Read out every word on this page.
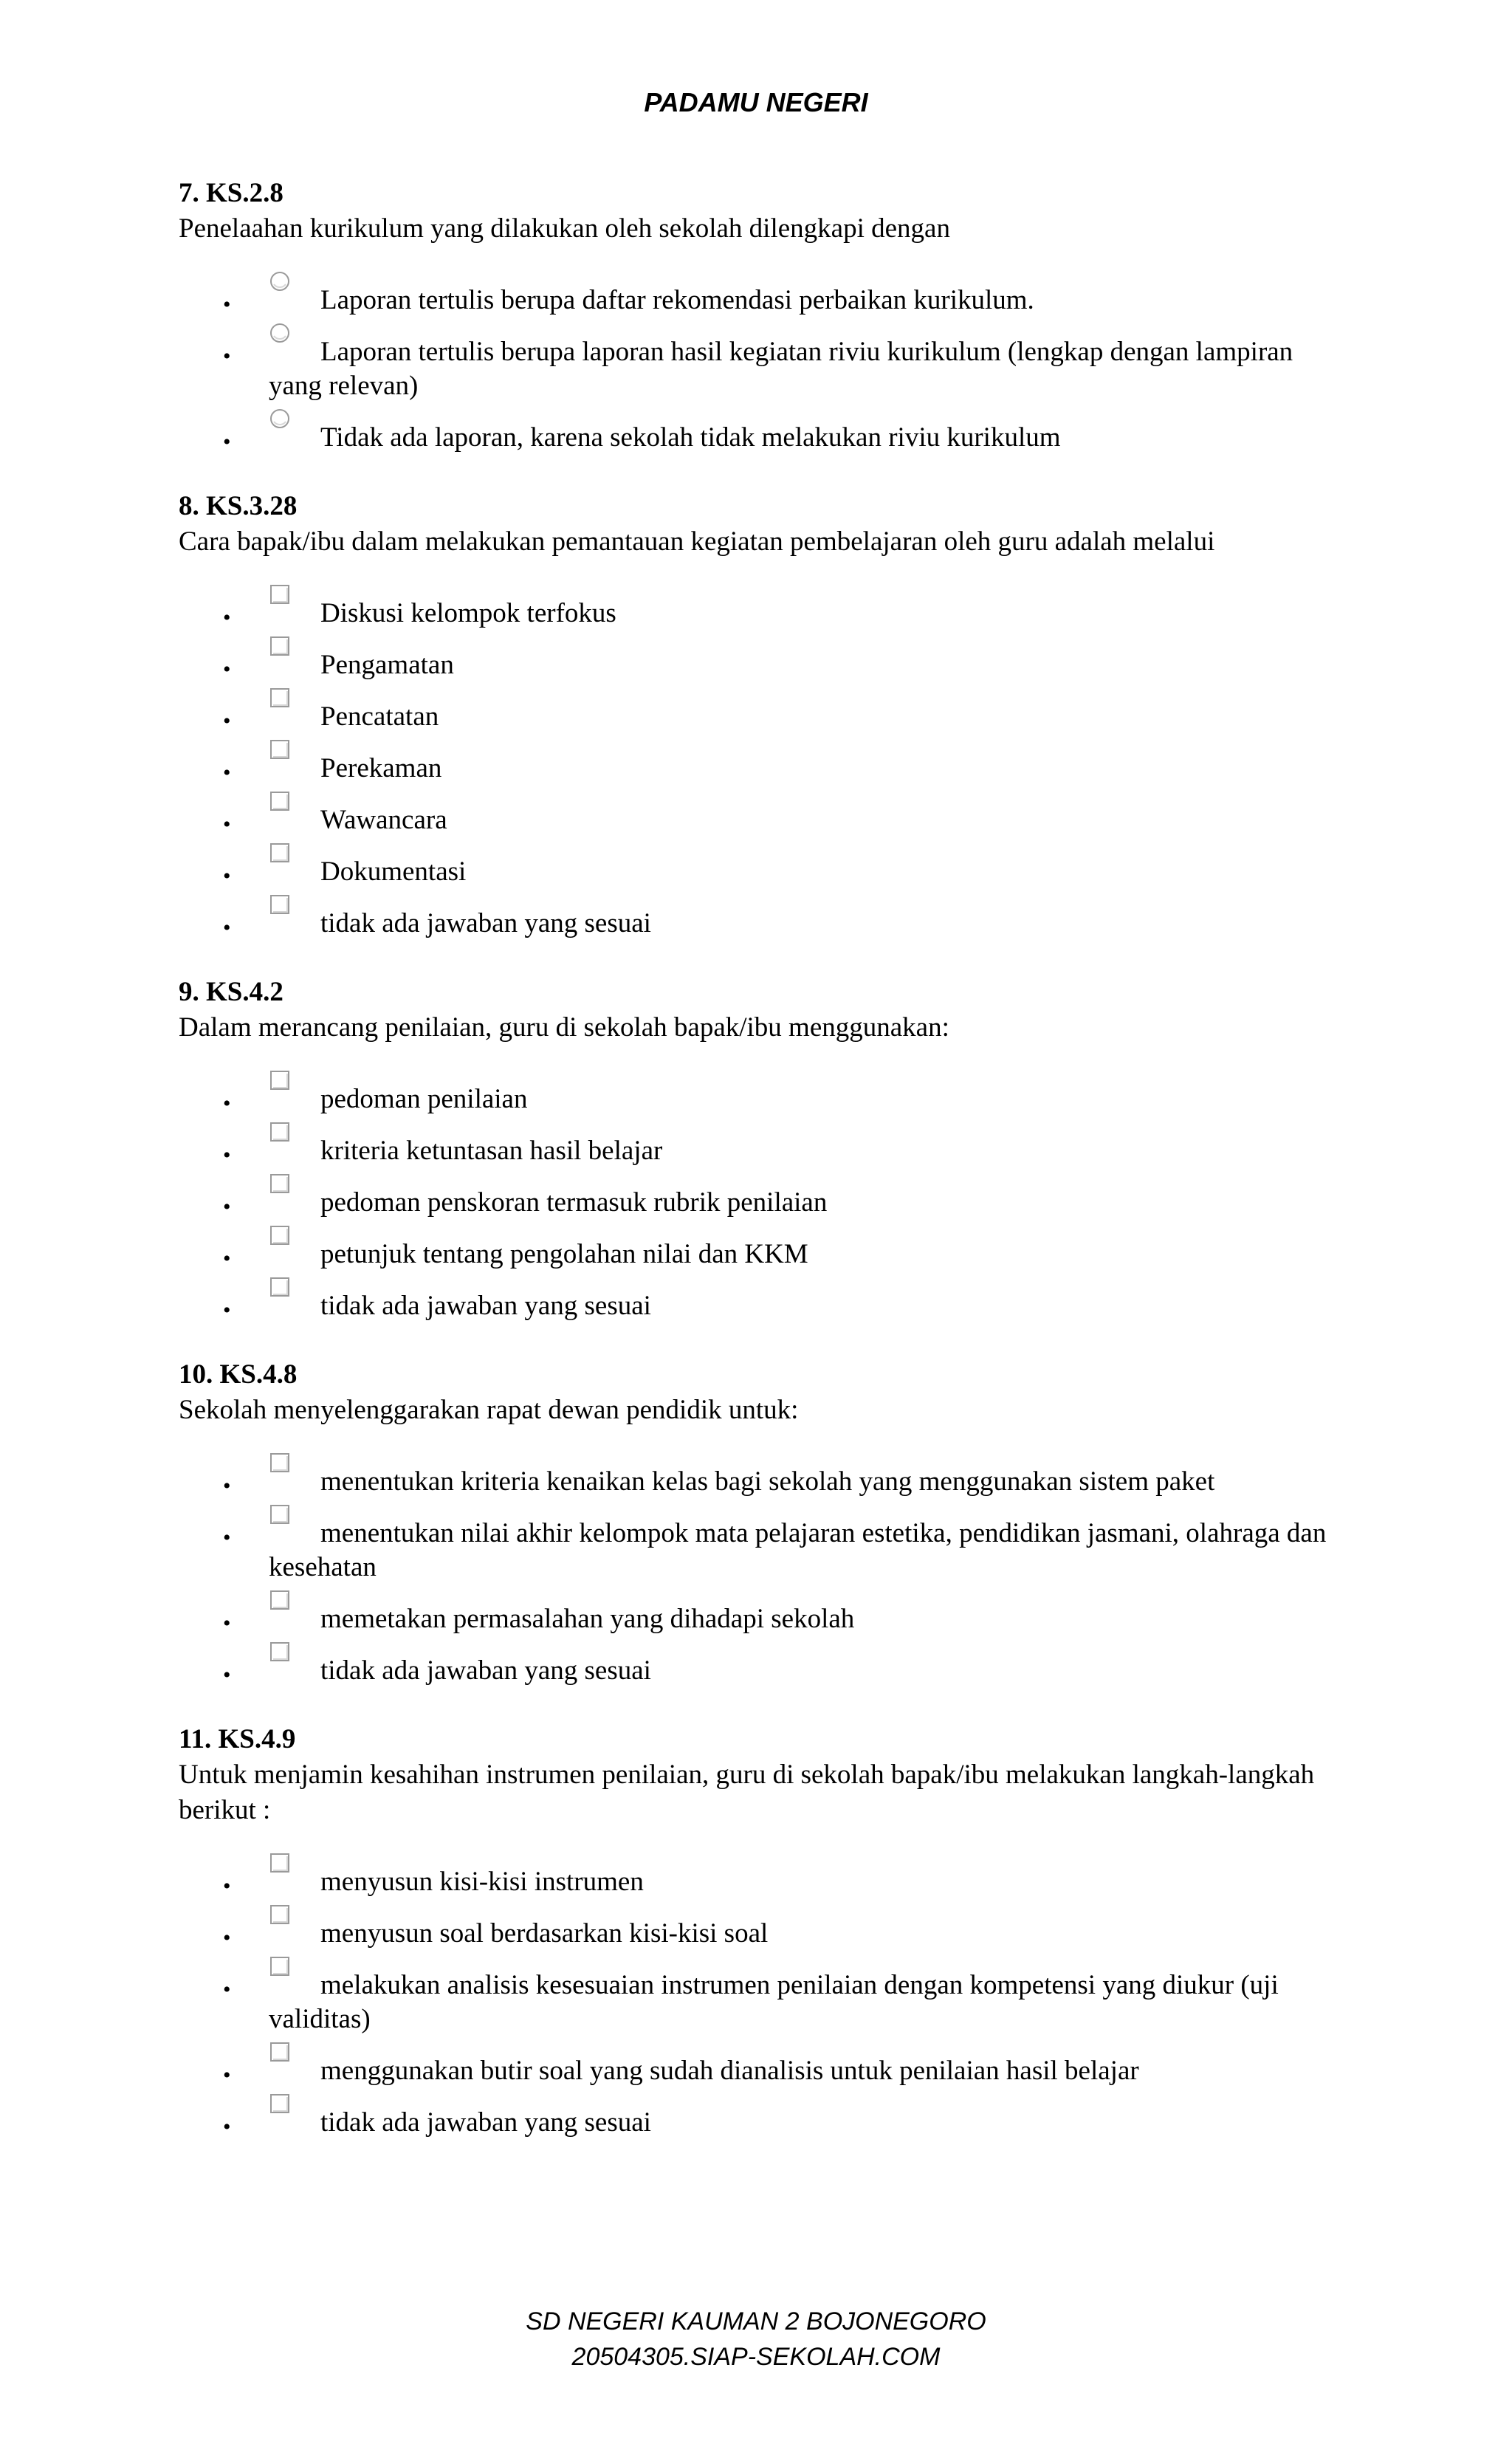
PADAMU NEGERI
7. KS.2.8
Penelaahan kurikulum yang dilakukan oleh sekolah dilengkapi dengan
•	Laporan tertulis berupa daftar rekomendasi perbaikan kurikulum.
•	Laporan tertulis berupa laporan hasil kegiatan riviu kurikulum (lengkap dengan lampiran yang relevan)
•	Tidak ada laporan, karena sekolah tidak melakukan riviu kurikulum
8. KS.3.28
Cara bapak/ibu dalam melakukan pemantauan kegiatan pembelajaran oleh guru adalah melalui
•	Diskusi kelompok terfokus
•	Pengamatan
•	Pencatatan
•	Perekaman
•	Wawancara
•	Dokumentasi
•	tidak ada jawaban yang sesuai
9. KS.4.2
Dalam merancang penilaian, guru di sekolah bapak/ibu menggunakan:
•	pedoman penilaian
•	kriteria ketuntasan hasil belajar
•	pedoman penskoran termasuk rubrik penilaian
•	petunjuk tentang pengolahan nilai dan KKM
•	tidak ada jawaban yang sesuai
10. KS.4.8
Sekolah menyelenggarakan rapat dewan pendidik untuk:
•	menentukan kriteria kenaikan kelas bagi sekolah yang menggunakan sistem paket
•	menentukan nilai akhir kelompok mata pelajaran estetika, pendidikan jasmani, olahraga dan kesehatan
•	memetakan permasalahan yang dihadapi sekolah
•	tidak ada jawaban yang sesuai
11. KS.4.9
Untuk menjamin kesahihan instrumen penilaian, guru di sekolah bapak/ibu melakukan langkah-langkah berikut :
•	menyusun kisi-kisi instrumen
•	menyusun soal berdasarkan kisi-kisi soal
•	melakukan analisis kesesuaian instrumen penilaian dengan kompetensi yang diukur (uji validitas)
•	menggunakan butir soal yang sudah dianalisis untuk penilaian hasil belajar
•	tidak ada jawaban yang sesuai
SD NEGERI KAUMAN 2 BOJONEGORO
20504305.SIAP-SEKOLAH.COM
